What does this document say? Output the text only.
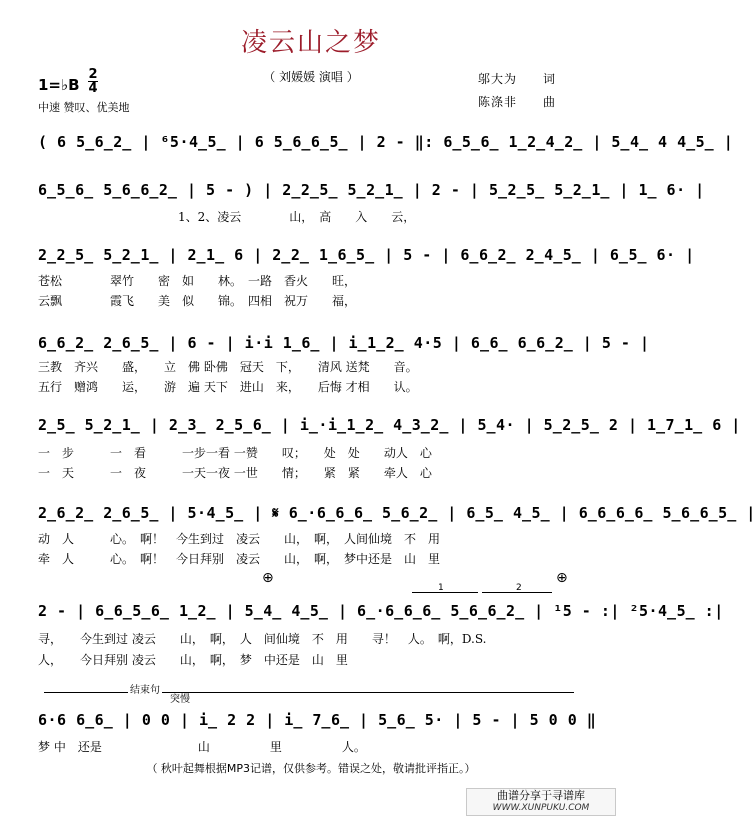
凌云山之梦
（ 刘媛媛 演唱 ）
1=♭B
2
4
中速 赞叹、优美地
邬大为　　词
陈涤非　　曲
( 6 5̲6̲2̲ | ⁶5·4̲5̲ | 6 5̲6̲6̲5̲ | 2 - ‖: 6̲5̲6̲ 1̲2̲4̲2̲ | 5̲4̲ 4 4̲5̲ |
6̲5̲6̲ 5̲6̲6̲2̲ | 5 - ) | 2̲2̲5̲ 5̲2̲1̲ | 2 - | 5̲2̲5̲ 5̲2̲1̲ | 1̲ 6· |
1、2、凌云　　　　山，　高　　入　　云，
2̲2̲5̲ 5̲2̲1̲ | 2̲1̲ 6 | 2̲2̲ 1̲6̲5̲ | 5 - | 6̲6̲2̲ 2̲4̲5̲ | 6̲5̲ 6· |
苍松　　　　翠竹　　密　如　　林。　一路　香火　　旺，
云飘　　　　霞飞　　美　似　　锦。　四相　祝万　　福，
6̲6̲2̲ 2̲6̲5̲ | 6 - | i·i 1̲6̲ | i̲1̲2̲ 4·5 | 6̲6̲ 6̲6̲2̲ | 5 - |
三教　齐兴　　盛，　　立　佛 卧佛　冠天　下，　　清风 送梵　　音。
五行　赠鸿　　运，　　游　遍 天下　进山　来，　　后悔 才相　　认。
2̲5̲ 5̲2̲1̲ | 2̲3̲ 2̲5̲6̲ | i̲·i̲1̲2̲ 4̲3̲2̲ | 5̲4· | 5̲2̲5̲ 2 | 1̲7̲1̲ 6 |
一　步　　　一　看　　　一步一看 一赞　　叹；　　处　处　　动人　心
一　天　　　一　夜　　　一天一夜 一世　　情；　　紧　紧　　牵人　心
2̲6̲2̲ 2̲6̲5̲ | 5·4̲5̲ | 𝄋 6̲·6̲6̲6̲ 5̲6̲2̲ | 6̲5̲ 4̲5̲ | 6̲6̲6̲6̲ 5̲6̲6̲5̲ |
动　人　　　心。　啊！　今生到过　凌云　　山，　啊，　人间仙境　不　用
牵　人　　　心。　啊！　今日拜别　凌云　　山，　啊，　梦中还是　山　里
⊕	⊕
1	2
2 - | 6̲6̲5̲6̲ 1̲2̲ | 5̲4̲ 4̲5̲ | 6̲·6̲6̲6̲ 5̲6̲6̲2̲ | ¹5 - :| ²5·4̲5̲ :|
寻，　　今生到过 凌云　　山，　啊，　人　间仙境　不　用　　寻！　人。　啊，D.S.
人，　　今日拜别 凌云　　山，　啊，　梦　中还是　山　里
结束句
突慢
6·6 6̲6̲ | 0 0 | i̲ 2 2 | i̲ 7̲6̲ | 5̲6̲ 5· | 5 - | 5 0 0 ‖
梦 中　还是　　　　　　　　山　　　　　里　　　　　人。
（ 秋叶起舞根据MP3记谱，仅供参考。错误之处，敬请批评指正。）
曲谱分享于寻谱库
WWW.XUNPUKU.COM
